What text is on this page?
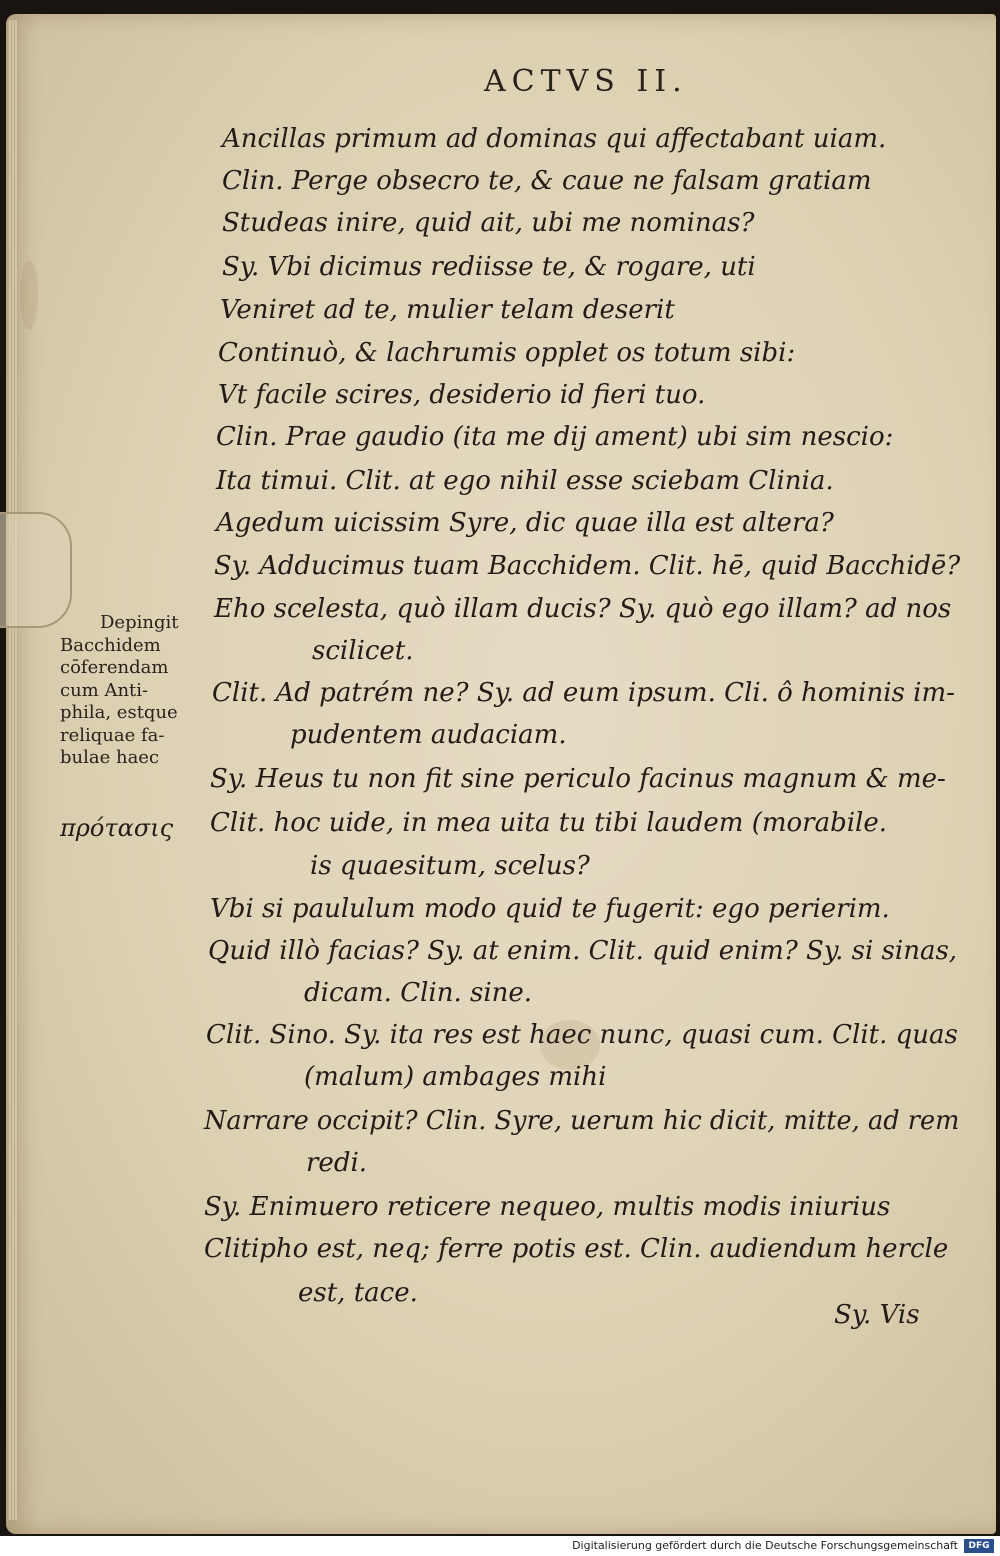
ACTVS II.
Ancillas primum ad dominas qui affectabant uiam.
Clin. Perge obsecro te, & caue ne falsam gratiam
Studeas inire, quid ait, ubi me nominas?
Sy. Vbi dicimus rediisse te, & rogare, uti
Veniret ad te, mulier telam deserit
Continuò, & lachrumis opplet os totum sibi:
Vt facile scires, desiderio id fieri tuo.
Clin. Prae gaudio (ita me dij ament) ubi sim nescio:
Ita timui. Clit. at ego nihil esse sciebam Clinia.
Agedum uicissim Syre, dic quae illa est altera?
Sy. Adducimus tuam Bacchidem. Clit. hē, quid Bacchidē?
Eho scelesta, quò illam ducis? Sy. quò ego illam? ad nos
scilicet.
Clit. Ad patrém ne? Sy. ad eum ipsum. Cli. ô hominis im-
pudentem audaciam.
Sy. Heus tu non fit sine periculo facinus magnum & me-
Clit. hoc uide, in mea uita tu tibi laudem (morabile.
is quaesitum, scelus?
Vbi si paululum modo quid te fugerit: ego perierim.
Quid illò facias? Sy. at enim. Clit. quid enim? Sy. si sinas,
dicam. Clin. sine.
Clit. Sino. Sy. ita res est haec nunc, quasi cum. Clit. quas
(malum) ambages mihi
Narrare occipit? Clin. Syre, uerum hic dicit, mitte, ad rem
redi.
Sy. Enimuero reticere nequeo, multis modis iniurius
Clitipho est, neq; ferre potis est. Clin. audiendum hercle
est, tace.
Depingit
Bacchidem
cōferendam
cum Anti-
phila, estque
reliquae fa-
bulae haec
πρότασις
Sy. Vis
Digitalisierung gefördert durch die Deutsche Forschungsgemeinschaft	DFG
